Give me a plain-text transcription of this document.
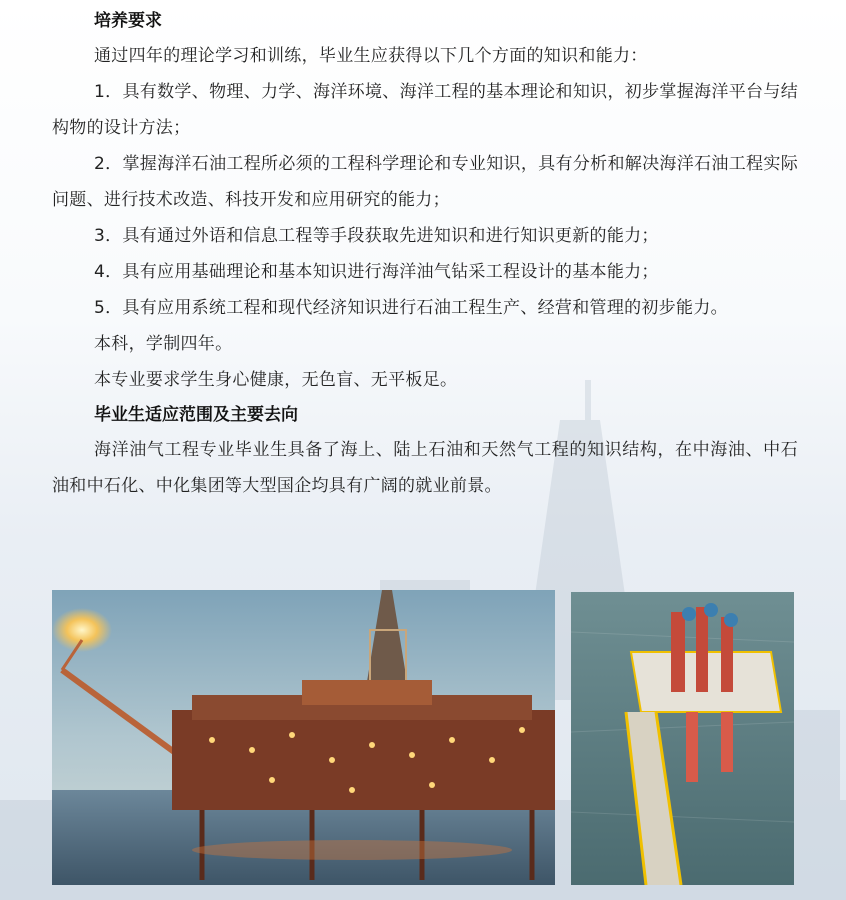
培养要求

通过四年的理论学习和训练，毕业生应获得以下几个方面的知识和能力：

1．具有数学、物理、力学、海洋环境、海洋工程的基本理论和知识，初步掌握海洋平台与结构物的设计方法；

2．掌握海洋石油工程所必须的工程科学理论和专业知识，具有分析和解决海洋石油工程实际问题、进行技术改造、科技开发和应用研究的能力；

3．具有通过外语和信息工程等手段获取先进知识和进行知识更新的能力；

4．具有应用基础理论和基本知识进行海洋油气钻采工程设计的基本能力；

5．具有应用系统工程和现代经济知识进行石油工程生产、经营和管理的初步能力。

本科，学制四年。

本专业要求学生身心健康，无色盲、无平板足。

毕业生适应范围及主要去向

海洋油气工程专业毕业生具备了海上、陆上石油和天然气工程的知识结构，在中海油、中石油和中石化、中化集团等大型国企均具有广阔的就业前景。
